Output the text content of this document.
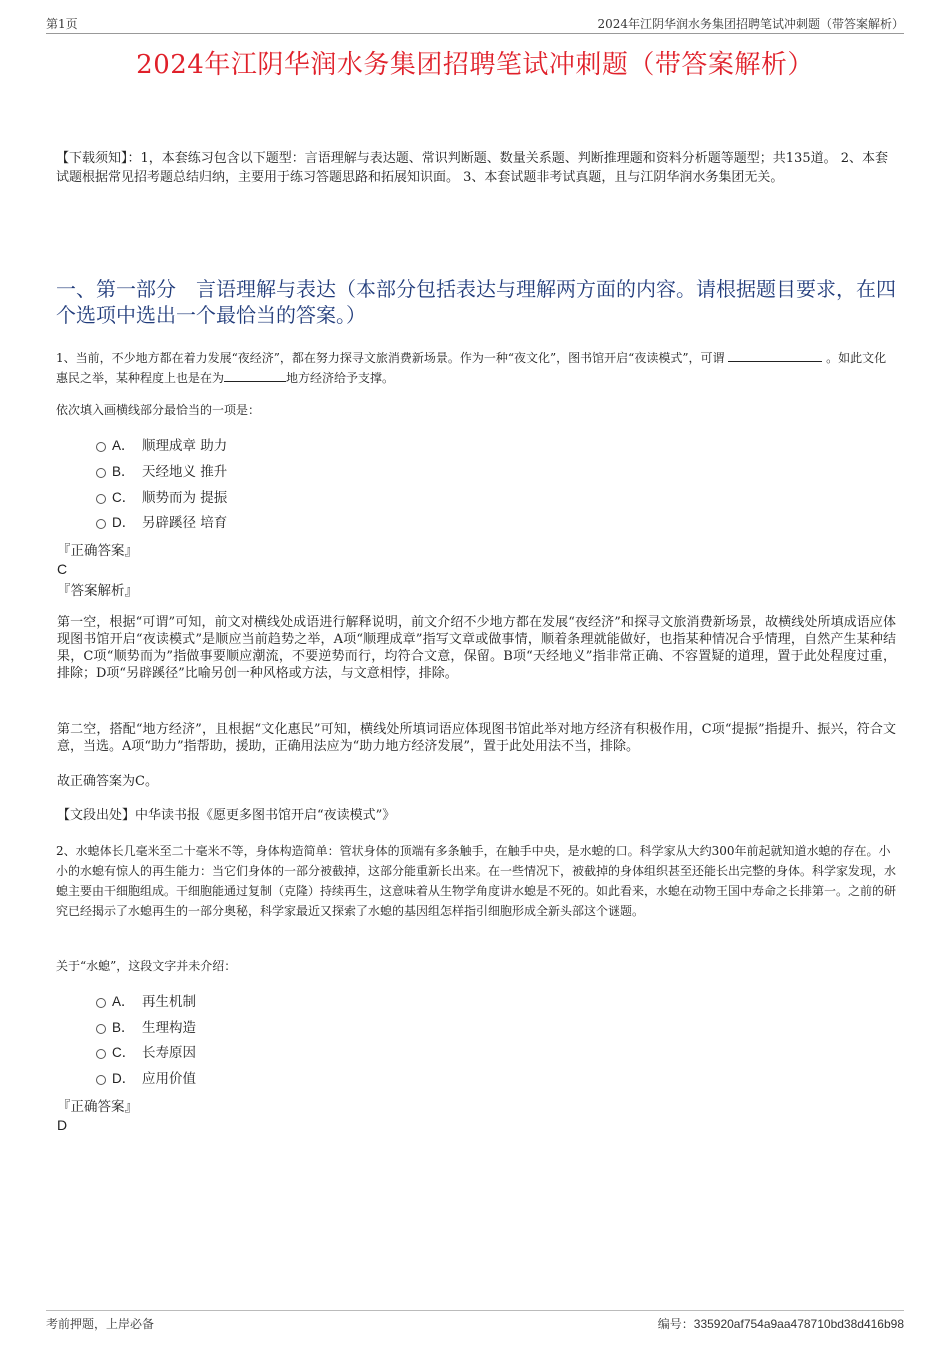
第1页	2024年江阴华润水务集团招聘笔试冲刺题（带答案解析）
2024年江阴华润水务集团招聘笔试冲刺题（带答案解析）
【下载须知】：1，本套练习包含以下题型：言语理解与表达题、常识判断题、数量关系题、判断推理题和资料分析题等题型；共135道。 2、本套试题根据常见招考题总结归纳，主要用于练习答题思路和拓展知识面。 3、本套试题非考试真题，且与江阴华润水务集团无关。
一、第一部分　言语理解与表达（本部分包括表达与理解两方面的内容。请根据题目要求，在四个选项中选出一个最恰当的答案。）
1、当前，不少地方都在着力发展“夜经济”，都在努力探寻文旅消费新场景。作为一种“夜文化”，图书馆开启“夜读模式”，可谓	。如此文化惠民之举，某种程度上也是在为	地方经济给予支撑。
依次填入画横线部分最恰当的一项是：
A． 顺理成章 助力
B． 天经地义 推升
C． 顺势而为 提振
D． 另辟蹊径 培育
『正确答案』
C
『答案解析』
第一空，根据“可谓”可知，前文对横线处成语进行解释说明，前文介绍不少地方都在发展“夜经济”和探寻文旅消费新场景，故横线处所填成语应体现图书馆开启“夜读模式”是顺应当前趋势之举，A项“顺理成章”指写文章或做事情，顺着条理就能做好，也指某种情况合乎情理，自然产生某种结果，C项“顺势而为”指做事要顺应潮流，不要逆势而行，均符合文意，保留。B项“天经地义”指非常正确、不容置疑的道理，置于此处程度过重，排除；D项“另辟蹊径”比喻另创一种风格或方法，与文意相悖，排除。
第二空，搭配“地方经济”，且根据“文化惠民”可知，横线处所填词语应体现图书馆此举对地方经济有积极作用，C项“提振”指提升、振兴，符合文意，当选。A项“助力”指帮助，援助，正确用法应为“助力地方经济发展”，置于此处用法不当，排除。
故正确答案为C。
【文段出处】中华读书报《愿更多图书馆开启“夜读模式”》
2、水螅体长几毫米至二十毫米不等，身体构造简单：管状身体的顶端有多条触手，在触手中央，是水螅的口。科学家从大约300年前起就知道水螅的存在。小小的水螅有惊人的再生能力：当它们身体的一部分被截掉，这部分能重新长出来。在一些情况下，被截掉的身体组织甚至还能长出完整的身体。科学家发现，水螅主要由干细胞组成。干细胞能通过复制（克隆）持续再生，这意味着从生物学角度讲水螅是不死的。如此看来，水螅在动物王国中寿命之长排第一。之前的研究已经揭示了水螅再生的一部分奥秘，科学家最近又探索了水螅的基因组怎样指引细胞形成全新头部这个谜题。
关于“水螅”，这段文字并未介绍：
A． 再生机制
B． 生理构造
C． 长寿原因
D． 应用价值
『正确答案』
D
考前押题，上岸必备	编号：335920af754a9aa478710bd38d416b98
